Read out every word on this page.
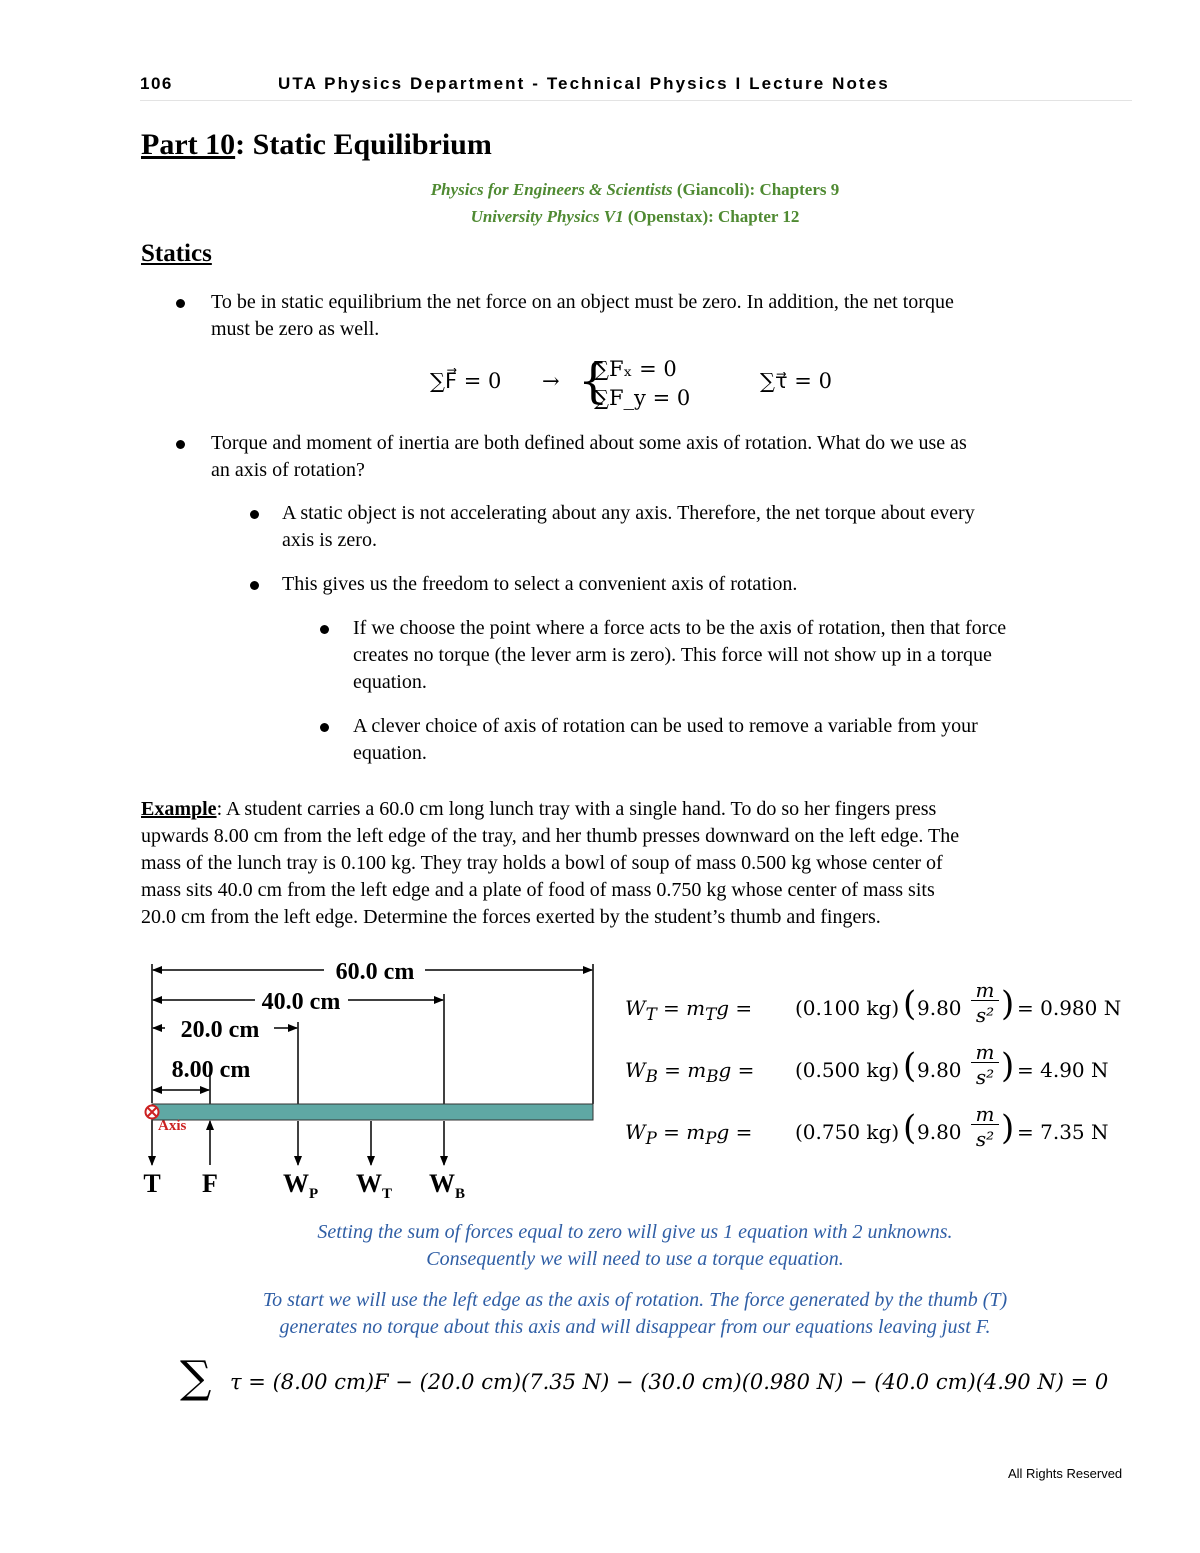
106	UTA Physics Department - Technical Physics I Lecture Notes
Part 10: Static Equilibrium
Physics for Engineers & Scientists (Giancoli): Chapters 9
University Physics V1 (Openstax): Chapter 12
Statics
To be in static equilibrium the net force on an object must be zero. In addition, the net torque
must be zero as well.
∑F⃗ = 0 → {
∑Fₓ = 0
∑F_y = 0
∑τ⃗ = 0
Torque and moment of inertia are both defined about some axis of rotation. What do we use as
an axis of rotation?
A static object is not accelerating about any axis. Therefore, the net torque about every
axis is zero.
This gives us the freedom to select a convenient axis of rotation.
If we choose the point where a force acts to be the axis of rotation, then that force
creates no torque (the lever arm is zero). This force will not show up in a torque
equation.
A clever choice of axis of rotation can be used to remove a variable from your
equation.
Example: A student carries a 60.0 cm long lunch tray with a single hand. To do so her fingers press
upwards 8.00 cm from the left edge of the tray, and her thumb presses downward on the left edge. The
mass of the lunch tray is 0.100 kg. They tray holds a bowl of soup of mass 0.500 kg whose center of
mass sits 40.0 cm from the left edge and a plate of food of mass 0.750 kg whose center of mass sits
20.0 cm from the left edge. Determine the forces exerted by the student’s thumb and fingers.
Axis
60.0 cm
40.0 cm
20.0 cm
8.00 cm
T F	$W_P$ $W_T$ $W_B$
$W_T = m_Tg = (0.100$ kg) ( 9.80
m
s² ) = 0.980 N
$W_B = m_Bg = (0.500$ kg) ( 9.80
m
s² ) = 4.90 N
$W_P = m_Pg = (0.750$ kg) ( 9.80
m
s² ) = 7.35 N
Setting the sum of forces equal to zero will give us 1 equation with 2 unknowns.
Consequently we will need to use a torque equation.
To start we will use the left edge as the axis of rotation. The force generated by the thumb (T)
generates no torque about this axis and will disappear from our equations leaving just F.
∑ τ = (8.00 cm)F − (20.0 cm)(7.35 N) − (30.0 cm)(0.980 N) − (40.0 cm)(4.90 N) = 0
All Rights Reserved
